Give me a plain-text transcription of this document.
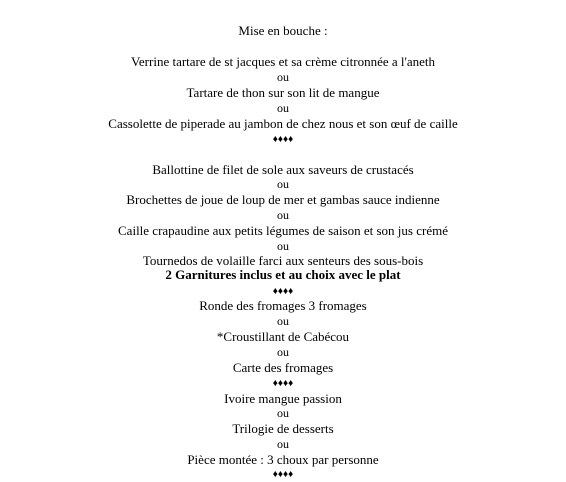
Mise en bouche :
Verrine tartare de st jacques et sa crème citronnée a l'aneth
ou
Tartare de thon sur son lit de mangue
ou
Cassolette de piperade au jambon de chez nous et son œuf de caille
♦♦♦♦
Ballottine de filet de sole aux saveurs de crustacés
ou
Brochettes de joue de loup de mer et gambas sauce indienne
ou
Caille crapaudine aux petits légumes de saison et son jus crémé
ou
Tournedos de volaille farci aux senteurs des sous-bois
2 Garnitures inclus et au choix avec le plat
♦♦♦♦
Ronde des fromages 3 fromages
ou
*Croustillant de Cabécou
ou
Carte des fromages
♦♦♦♦
Ivoire mangue passion
ou
Trilogie de desserts
ou
Pièce montée : 3 choux par personne
♦♦♦♦
